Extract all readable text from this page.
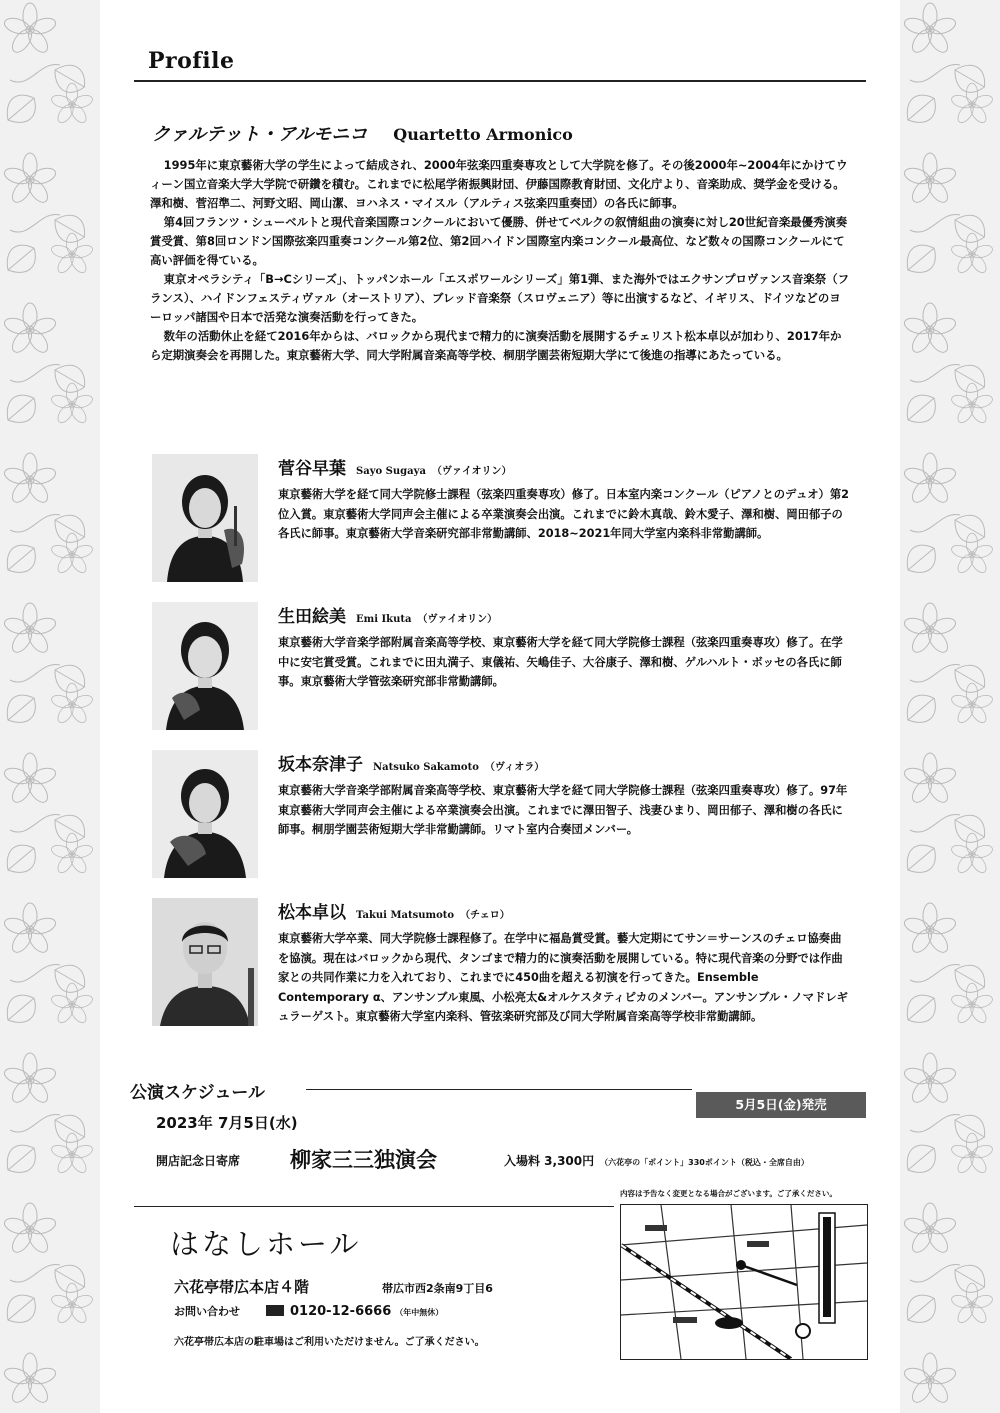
Profile
クァルテット・アルモニコ Quartetto Armonico

1995年に東京藝術大学の学生によって結成され、2000年弦楽四重奏専攻として大学院を修了。その後2000年~2004年にかけてウィーン国立音楽大学大学院で研鑽を積む。これまでに松尾学術振興財団、伊藤国際教育財団、文化庁より、音楽助成、奨学金を受ける。澤和樹、菅沼準二、河野文昭、岡山潔、ヨハネス・マイスル（アルティス弦楽四重奏団）の各氏に師事。

第4回フランツ・シューベルトと現代音楽国際コンクールにおいて優勝、併せてベルクの叙情組曲の演奏に対し20世紀音楽最優秀演奏賞受賞、第8回ロンドン国際弦楽四重奏コンクール第2位、第2回ハイドン国際室内楽コンクール最高位、など数々の国際コンクールにて高い評価を得ている。

東京オペラシティ「B→Cシリーズ」、トッパンホール「エスポワールシリーズ」第1弾、また海外ではエクサンプロヴァンス音楽祭（フランス）、ハイドンフェスティヴァル（オーストリア）、ブレッド音楽祭（スロヴェニア）等に出演するなど、イギリス、ドイツなどのヨーロッパ諸国や日本で活発な演奏活動を行ってきた。

数年の活動休止を経て2016年からは、バロックから現代まで精力的に演奏活動を展開するチェリスト松本卓以が加わり、2017年から定期演奏会を再開した。東京藝術大学、同大学附属音楽高等学校、桐朋学園芸術短期大学にて後進の指導にあたっている。

菅谷早葉 Sayo Sugaya （ヴァイオリン）
東京藝術大学を経て同大学院修士課程（弦楽四重奏専攻）修了。日本室内楽コンクール（ピアノとのデュオ）第2位入賞。東京藝術大学同声会主催による卒業演奏会出演。これまでに鈴木真哉、鈴木愛子、澤和樹、岡田郁子の各氏に師事。東京藝術大学音楽研究部非常勤講師、2018~2021年同大学室内楽科非常勤講師。
生田絵美 Emi Ikuta （ヴァイオリン）
東京藝術大学音楽学部附属音楽高等学校、東京藝術大学を経て同大学院修士課程（弦楽四重奏専攻）修了。在学中に安宅賞受賞。これまでに田丸満子、東儀祐、矢嶋佳子、大谷康子、澤和樹、ゲルハルト・ボッセの各氏に師事。東京藝術大学管弦楽研究部非常勤講師。
坂本奈津子 Natsuko Sakamoto （ヴィオラ）
東京藝術大学音楽学部附属音楽高等学校、東京藝術大学を経て同大学院修士課程（弦楽四重奏専攻）修了。97年東京藝術大学同声会主催による卒業演奏会出演。これまでに澤田智子、浅妻ひまり、岡田郁子、澤和樹の各氏に師事。桐朋学園芸術短期大学非常勤講師。リマト室内合奏団メンバー。
松本卓以 Takui Matsumoto （チェロ）
東京藝術大学卒業、同大学院修士課程修了。在学中に福島賞受賞。藝大定期にてサン＝サーンスのチェロ協奏曲を協演。現在はバロックから現代、タンゴまで精力的に演奏活動を展開している。特に現代音楽の分野では作曲家との共同作業に力を入れており、これまでに450曲を超える初演を行ってきた。Ensemble Contemporary α、アンサンブル東風、小松亮太&オルケスタティピカのメンバー。アンサンブル・ノマドレギュラーゲスト。東京藝術大学室内楽科、管弦楽研究部及び同大学附属音楽高等学校非常勤講師。
公演スケジュール
5月5日(金)発売
2023年 7月5日(水)
開店記念日寄席 柳家三三独演会	入場料 3,300円 （六花亭の「ポイント」330ポイント（税込・全席自由）
内容は予告なく変更となる場合がございます。ご了承ください。
はなしホール
六花亭帯広本店４階	帯広市西2条南9丁目6
お問い合わせ	0120-12-6666 （年中無休）
六花亭帯広本店の駐車場はご利用いただけません。ご了承ください。
